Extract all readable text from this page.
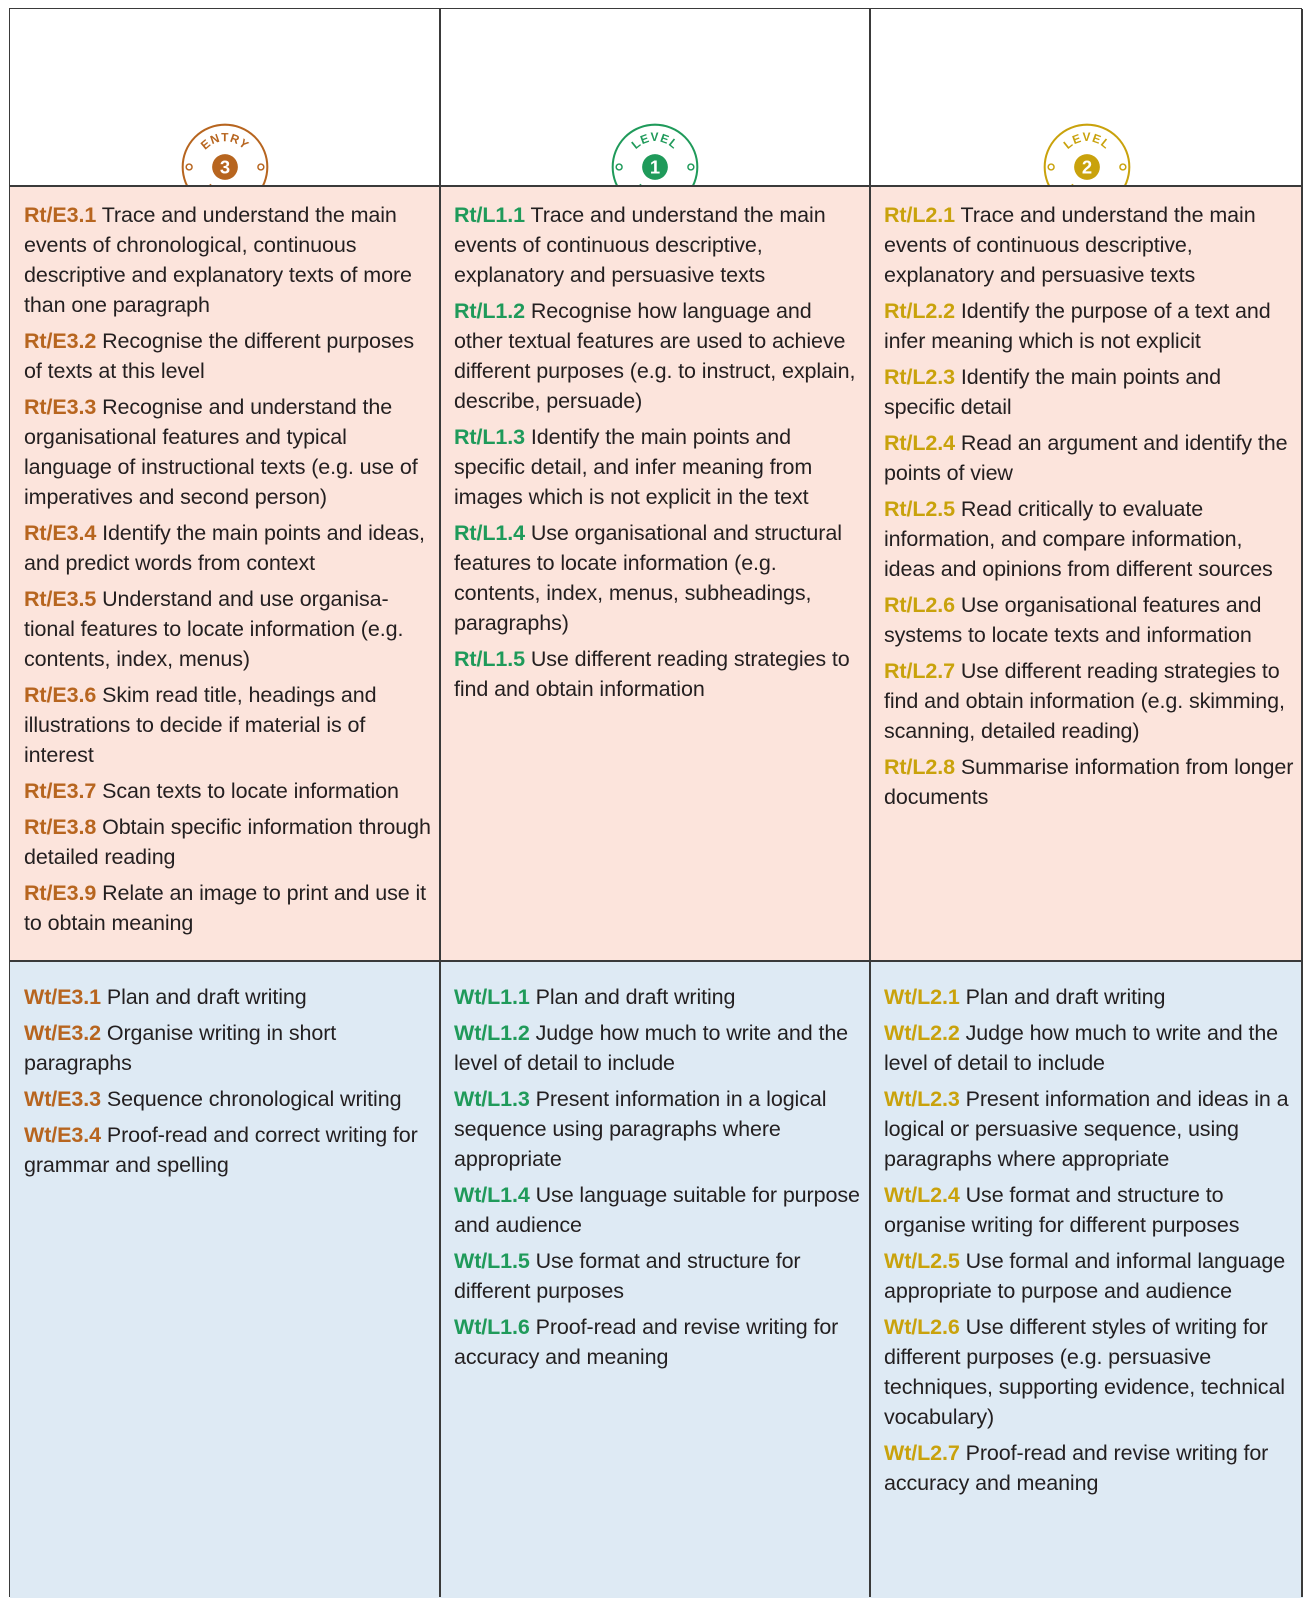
3
ENTRY
1
LEVEL
2
LEVEL
Rt/E3.1 Trace and understand the main events of chronological, continuous descriptive and explanatory texts of more than one paragraph
Rt/E3.2 Recognise the different purposes of texts at this level
Rt/E3.3 Recognise and understand the organisational features and typical language of instructional texts (e.g. use of imperatives and second person)
Rt/E3.4 Identify the main points and ideas, and predict words from context
Rt/E3.5 Understand and use organisa-tional features to locate information (e.g. contents, index, menus)
Rt/E3.6 Skim read title, headings and illustrations to decide if material is of interest
Rt/E3.7 Scan texts to locate information
Rt/E3.8 Obtain specific information through detailed reading
Rt/E3.9 Relate an image to print and use it to obtain meaning
Rt/L1.1 Trace and understand the main events of continuous descriptive, explanatory and persuasive texts
Rt/L1.2 Recognise how language and other textual features are used to achieve different purposes (e.g. to instruct, explain, describe, persuade)
Rt/L1.3 Identify the main points and specific detail, and infer meaning from images which is not explicit in the text
Rt/L1.4 Use organisational and structural features to locate information (e.g. contents, index, menus, subheadings, paragraphs)
Rt/L1.5 Use different reading strategies to find and obtain information
Rt/L2.1 Trace and understand the main events of continuous descriptive, explanatory and persuasive texts
Rt/L2.2 Identify the purpose of a text and infer meaning which is not explicit
Rt/L2.3 Identify the main points and specific detail
Rt/L2.4 Read an argument and identify the points of view
Rt/L2.5 Read critically to evaluate information, and compare information, ideas and opinions from different sources
Rt/L2.6 Use organisational features and systems to locate texts and information
Rt/L2.7 Use different reading strategies to find and obtain information (e.g. skimming, scanning, detailed reading)
Rt/L2.8 Summarise information from longer documents
Wt/E3.1 Plan and draft writing
Wt/E3.2 Organise writing in short paragraphs
Wt/E3.3 Sequence chronological writing
Wt/E3.4 Proof-read and correct writing for grammar and spelling
Wt/L1.1 Plan and draft writing
Wt/L1.2 Judge how much to write and the level of detail to include
Wt/L1.3 Present information in a logical sequence using paragraphs where appropriate
Wt/L1.4 Use language suitable for purpose and audience
Wt/L1.5 Use format and structure for different purposes
Wt/L1.6 Proof-read and revise writing for accuracy and meaning
Wt/L2.1 Plan and draft writing
Wt/L2.2 Judge how much to write and the level of detail to include
Wt/L2.3 Present information and ideas in a logical or persuasive sequence, using paragraphs where appropriate
Wt/L2.4 Use format and structure to organise writing for different purposes
Wt/L2.5 Use formal and informal language appropriate to purpose and audience
Wt/L2.6 Use different styles of writing for different purposes (e.g. persuasive techniques, supporting evidence, technical vocabulary)
Wt/L2.7 Proof-read and revise writing for accuracy and meaning
